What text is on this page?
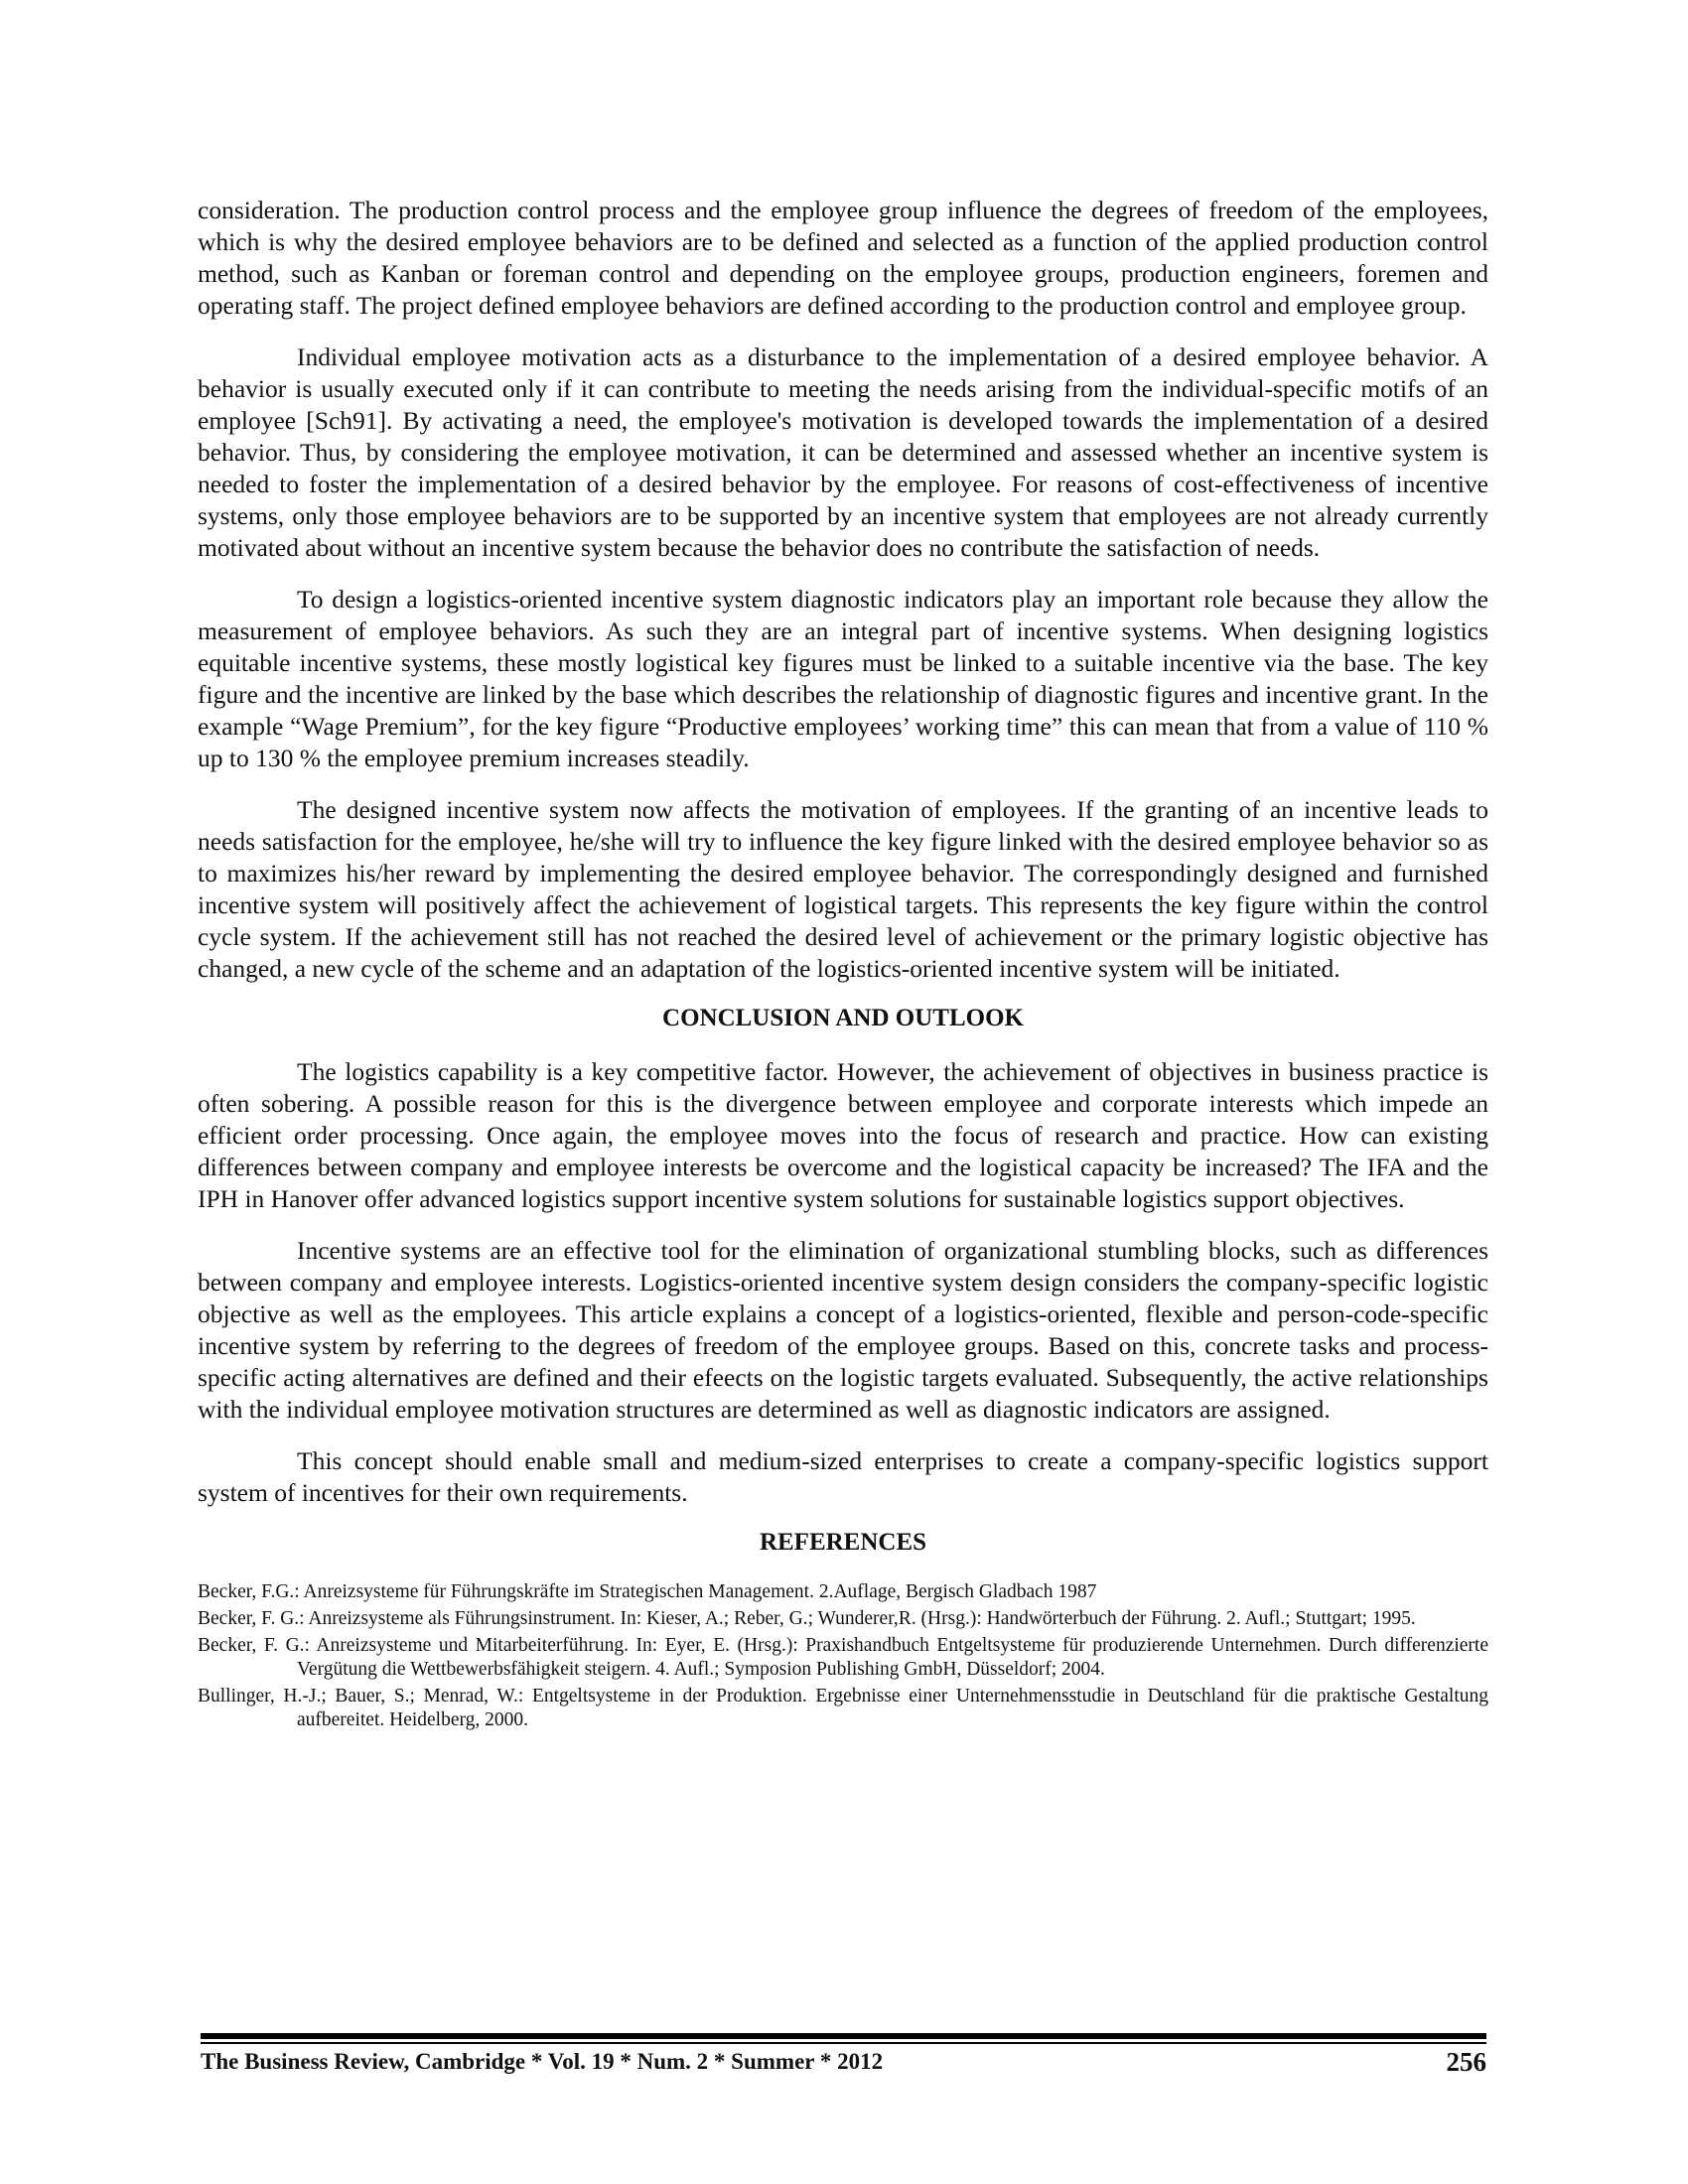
consideration. The production control process and the employee group influence the degrees of freedom of the employees, which is why the desired employee behaviors are to be defined and selected as a function of the applied production control method, such as Kanban or foreman control and depending on the employee groups, production engineers, foremen and operating staff. The project defined employee behaviors are defined according to the production control and employee group.

Individual employee motivation acts as a disturbance to the implementation of a desired employee behavior. A behavior is usually executed only if it can contribute to meeting the needs arising from the individual-specific motifs of an employee [Sch91]. By activating a need, the employee's motivation is developed towards the implementation of a desired behavior. Thus, by considering the employee motivation, it can be determined and assessed whether an incentive system is needed to foster the implementation of a desired behavior by the employee. For reasons of cost-effectiveness of incentive systems, only those employee behaviors are to be supported by an incentive system that employees are not already currently motivated about without an incentive system because the behavior does no contribute the satisfaction of needs.

To design a logistics-oriented incentive system diagnostic indicators play an important role because they allow the measurement of employee behaviors. As such they are an integral part of incentive systems. When designing logistics equitable incentive systems, these mostly logistical key figures must be linked to a suitable incentive via the base. The key figure and the incentive are linked by the base which describes the relationship of diagnostic figures and incentive grant. In the example “Wage Premium”, for the key figure “Productive employees’ working time” this can mean that from a value of 110 % up to 130 % the employee premium increases steadily.

The designed incentive system now affects the motivation of employees. If the granting of an incentive leads to needs satisfaction for the employee, he/she will try to influence the key figure linked with the desired employee behavior so as to maximizes his/her reward by implementing the desired employee behavior. The correspondingly designed and furnished incentive system will positively affect the achievement of logistical targets. This represents the key figure within the control cycle system. If the achievement still has not reached the desired level of achievement or the primary logistic objective has changed, a new cycle of the scheme and an adaptation of the logistics-oriented incentive system will be initiated.

CONCLUSION AND OUTLOOK

The logistics capability is a key competitive factor. However, the achievement of objectives in business practice is often sobering. A possible reason for this is the divergence between employee and corporate interests which impede an efficient order processing. Once again, the employee moves into the focus of research and practice. How can existing differences between company and employee interests be overcome and the logistical capacity be increased? The IFA and the IPH in Hanover offer advanced logistics support incentive system solutions for sustainable logistics support objectives.

Incentive systems are an effective tool for the elimination of organizational stumbling blocks, such as differences between company and employee interests. Logistics-oriented incentive system design considers the company-specific logistic objective as well as the employees. This article explains a concept of a logistics-oriented, flexible and person-code-specific incentive system by referring to the degrees of freedom of the employee groups. Based on this, concrete tasks and process-specific acting alternatives are defined and their efeects on the logistic targets evaluated. Subsequently, the active relationships with the individual employee motivation structures are determined as well as diagnostic indicators are assigned.

This concept should enable small and medium-sized enterprises to create a company-specific logistics support system of incentives for their own requirements.

REFERENCES

Becker, F.G.: Anreizsysteme für Führungskräfte im Strategischen Management. 2.Auflage, Bergisch Gladbach 1987

Becker, F. G.: Anreizsysteme als Führungsinstrument. In: Kieser, A.; Reber, G.; Wunderer,R. (Hrsg.): Handwörterbuch der Führung. 2. Aufl.; Stuttgart; 1995.

Becker, F. G.: Anreizsysteme und Mitarbeiterführung. In: Eyer, E. (Hrsg.): Praxishandbuch Entgeltsysteme für produzierende Unternehmen. Durch differenzierte Vergütung die Wettbewerbsfähigkeit steigern. 4. Aufl.; Symposion Publishing GmbH, Düsseldorf; 2004.

Bullinger, H.-J.; Bauer, S.; Menrad, W.: Entgeltsysteme in der Produktion. Ergebnisse einer Unternehmensstudie in Deutschland für die praktische Gestaltung aufbereitet. Heidelberg, 2000.

The Business Review, Cambridge * Vol. 19 * Num. 2 * Summer * 2012	256
